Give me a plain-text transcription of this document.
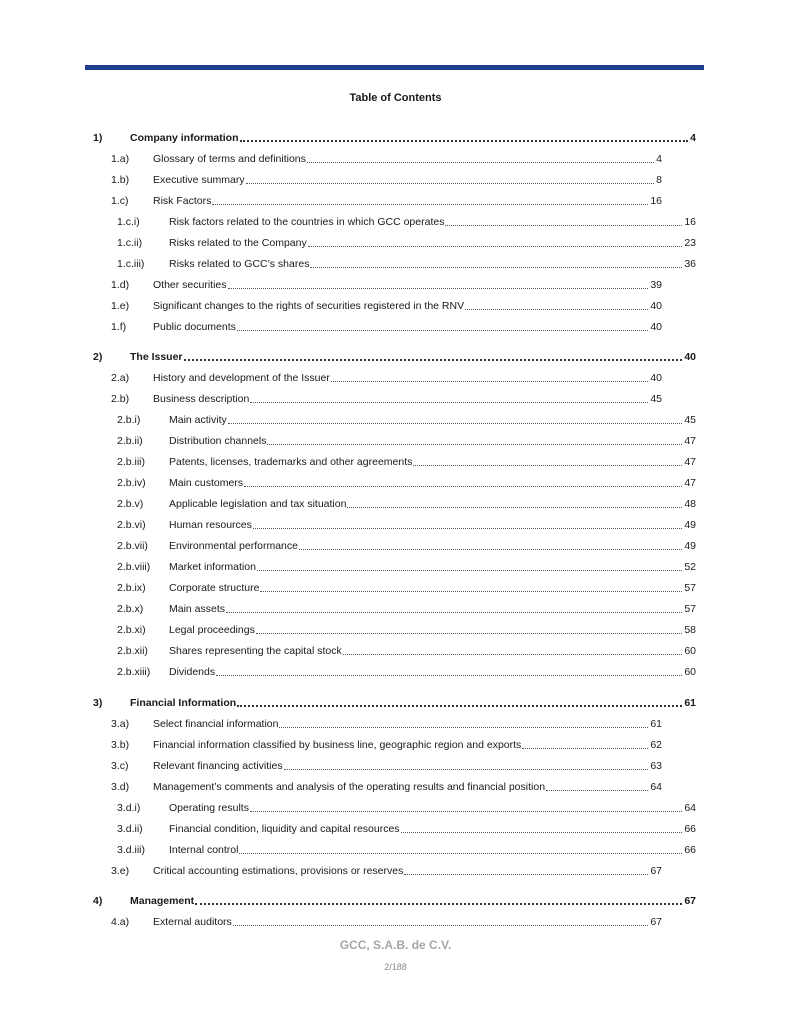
Table of Contents
1)	Company information	4
1.a) Glossary of terms and definitions	4
1.b) Executive summary	8
1.c) Risk Factors	16
1.c.i)	Risk factors related to the countries in which GCC operates	16
1.c.ii)	Risks related to the Company	23
1.c.iii) Risks related to GCC’s shares	36
1.d) Other securities	39
1.e) Significant changes to the rights of securities registered in the RNV	40
1.f)	Public documents	40
2)	The Issuer	40
2.a) History and development of the Issuer	40
2.b) Business description	45
2.b.i)	Main activity	45
2.b.ii)	Distribution channels	47
2.b.iii) Patents, licenses, trademarks and other agreements	47
2.b.iv) Main customers	47
2.b.v) Applicable legislation and tax situation	48
2.b.vi) Human resources	49
2.b.vii) Environmental performance	49
2.b.viii) Market information	52
2.b.ix) Corporate structure	57
2.b.x) Main assets	57
2.b.xi) Legal proceedings	58
2.b.xii) Shares representing the capital stock	60
2.b.xiii) Dividends	60
3)	Financial Information	61
3.a) Select financial information	61
3.b) Financial information classified by business line, geographic region and exports	62
3.c) Relevant financing activities	63
3.d) Management’s comments and analysis of the operating results and financial position	64
3.d.i)	Operating results	64
3.d.ii)	Financial condition, liquidity and capital resources	66
3.d.iii) Internal control	66
3.e) Critical accounting estimations, provisions or reserves	67
4)	Management	67
4.a) External auditors	67
GCC, S.A.B. de C.V.
2/188
